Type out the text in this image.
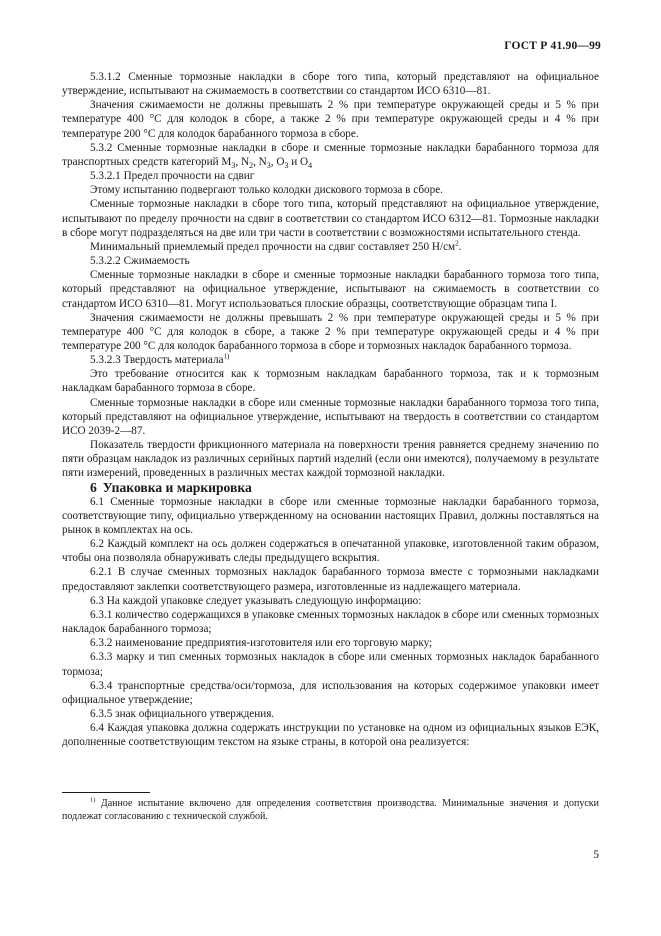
ГОСТ Р 41.90—99

5.3.1.2 Сменные тормозные накладки в сборе того типа, который представляют на официальное утверждение, испытывают на сжимаемость в соответствии со стандартом ИСО 6310—81.

Значения сжимаемости не должны превышать 2 % при температуре окружающей среды и 5 % при температуре 400 °С для колодок в сборе, а также 2 % при температуре окружающей среды и 4 % при температуре 200 °С для колодок барабанного тормоза в сборе.

5.3.2 Сменные тормозные накладки в сборе и сменные тормозные накладки барабанного тормоза для транспортных средств категорий $M_3$, $N_2$, $N_3$, $O_3$ и $O_4$

5.3.2.1 Предел прочности на сдвиг

Этому испытанию подвергают только колодки дискового тормоза в сборе.

Сменные тормозные накладки в сборе того типа, который представляют на официальное утверждение, испытывают по пределу прочности на сдвиг в соответствии со стандартом ИСО 6312—81. Тормозные накладки в сборе могут подразделяться на две или три части в соответствии с возможностями испытательного стенда.

Минимальный приемлемый предел прочности на сдвиг составляет 250 $Н/см^2$.

5.3.2.2 Сжимаемость

Сменные тормозные накладки в сборе и сменные тормозные накладки барабанного тормоза того типа, который представляют на официальное утверждение, испытывают на сжимаемость в соответствии со стандартом ИСО 6310—81. Могут использоваться плоские образцы, соответствующие образцам типа I.

Значения сжимаемости не должны превышать 2 % при температуре окружающей среды и 5 % при температуре 400 °С для колодок в сборе, а также 2 % при температуре окружающей среды и 4 % при температуре 200 °С для колодок барабанного тормоза в сборе и тормозных накладок барабанного тормоза.

5.3.2.3 Твердость материала$^{1)}$

Это требование относится как к тормозным накладкам барабанного тормоза, так и к тормозным накладкам барабанного тормоза в сборе.

Сменные тормозные накладки в сборе или сменные тормозные накладки барабанного тормоза того типа, который представляют на официальное утверждение, испытывают на твердость в соответствии со стандартом ИСО 2039-2—87.

Показатель твердости фрикционного материала на поверхности трения равняется среднему значению по пяти образцам накладок из различных серийных партий изделий (если они имеются), получаемому в результате пяти измерений, проведенных в различных местах каждой тормозной накладки.

6 Упаковка и маркировка

6.1 Сменные тормозные накладки в сборе или сменные тормозные накладки барабанного тормоза, соответствующие типу, официально утвержденному на основании настоящих Правил, должны поставляться на рынок в комплектах на ось.

6.2 Каждый комплект на ось должен содержаться в опечатанной упаковке, изготовленной таким образом, чтобы она позволяла обнаруживать следы предыдущего вскрытия.

6.2.1 В случае сменных тормозных накладок барабанного тормоза вместе с тормозными накладками предоставляют заклепки соответствующего размера, изготовленные из надлежащего материала.

6.3 На каждой упаковке следует указывать следующую информацию:

6.3.1 количество содержащихся в упаковке сменных тормозных накладок в сборе или сменных тормозных накладок барабанного тормоза;

6.3.2 наименование предприятия-изготовителя или его торговую марку;

6.3.3 марку и тип сменных тормозных накладок в сборе или сменных тормозных накладок барабанного тормоза;

6.3.4 транспортные средства/оси/тормоза, для использования на которых содержимое упаковки имеет официальное утверждение;

6.3.5 знак официального утверждения.

6.4 Каждая упаковка должна содержать инструкции по установке на одном из официальных языков ЕЭК, дополненные соответствующим текстом на языке страны, в которой она реализуется:

$^{1)}$ Данное испытание включено для определения соответствия производства. Минимальные значения и допуски подлежат согласованию с технической службой.
5
